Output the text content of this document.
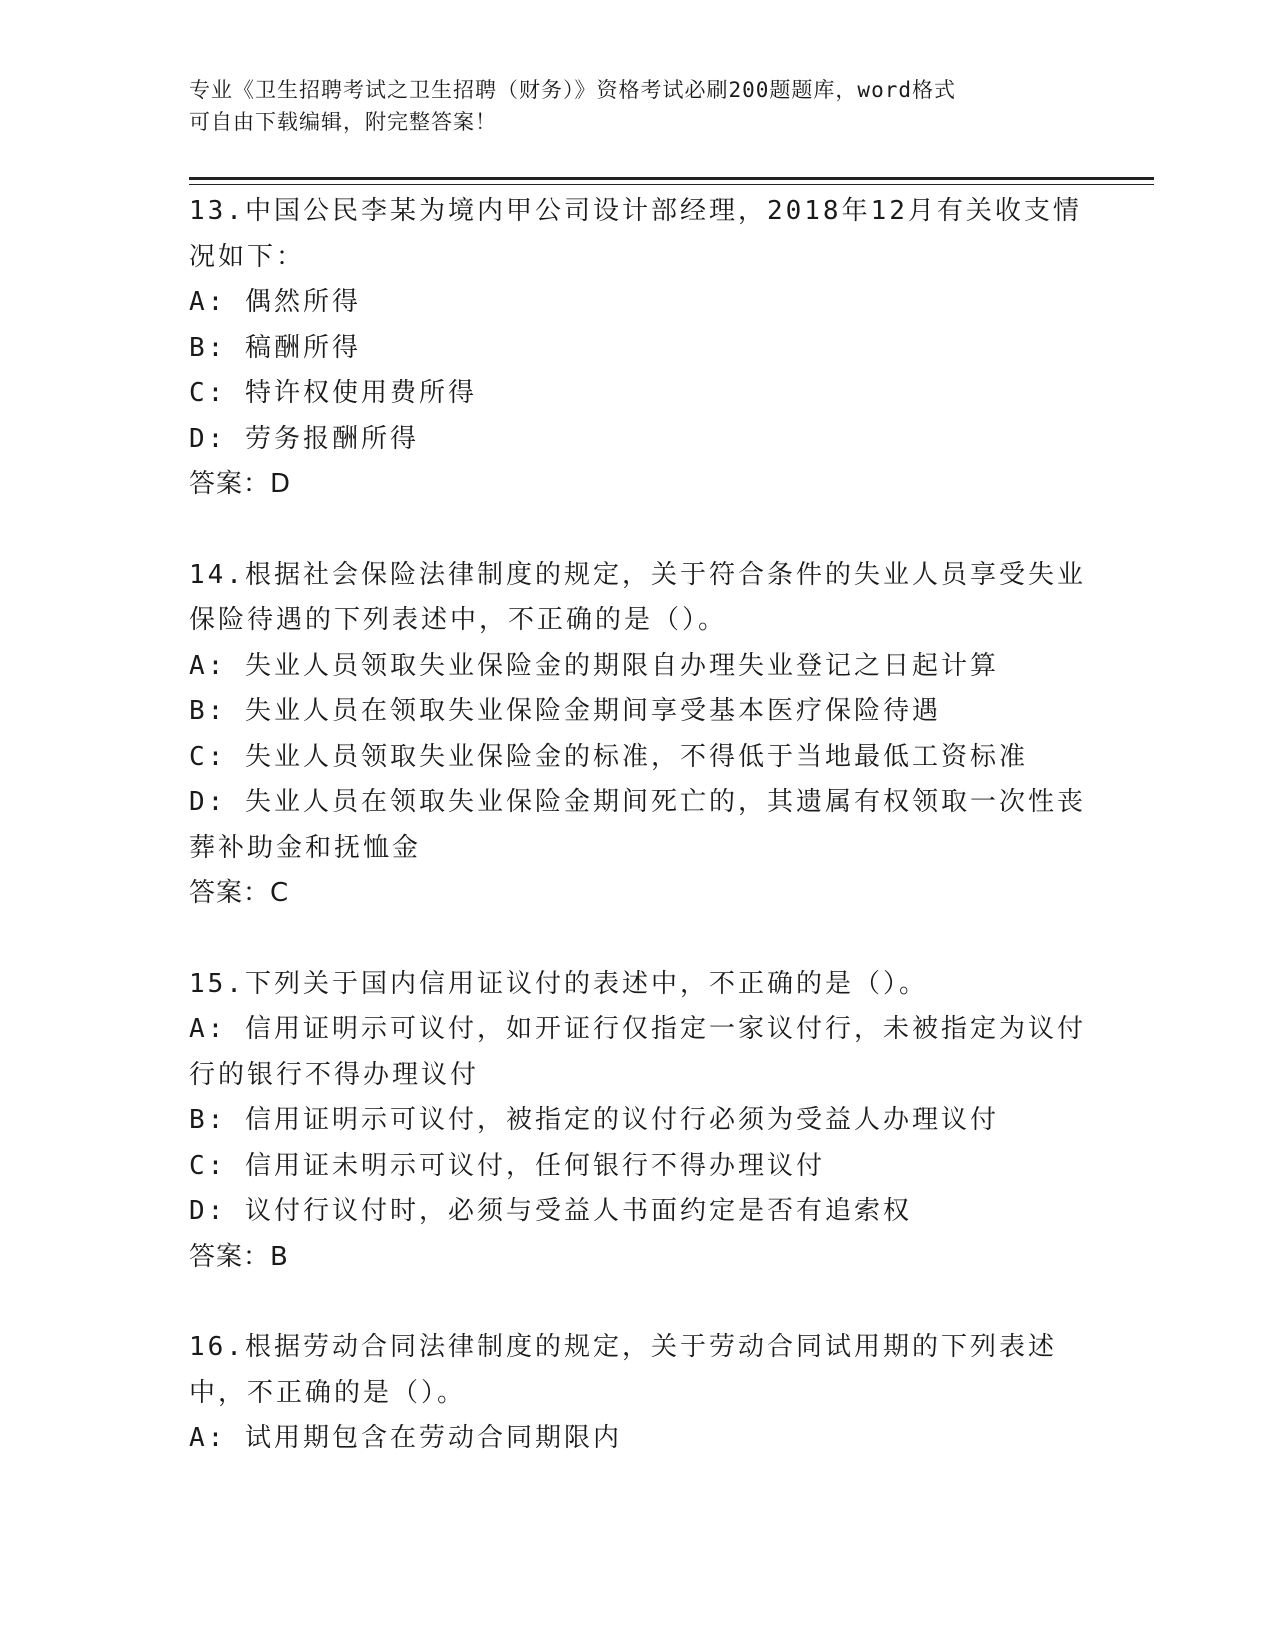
专业《卫生招聘考试之卫生招聘（财务）》资格考试必刷200题题库，word格式
可自由下载编辑，附完整答案！

13.中国公民李某为境内甲公司设计部经理，2018年12月有关收支情况如下：

A: 偶然所得

B: 稿酬所得

C: 特许权使用费所得

D: 劳务报酬所得

答案：D

14.根据社会保险法律制度的规定，关于符合条件的失业人员享受失业保险待遇的下列表述中，不正确的是（）。

A: 失业人员领取失业保险金的期限自办理失业登记之日起计算

B: 失业人员在领取失业保险金期间享受基本医疗保险待遇

C: 失业人员领取失业保险金的标准，不得低于当地最低工资标准

D: 失业人员在领取失业保险金期间死亡的，其遗属有权领取一次性丧葬补助金和抚恤金

答案：C

15.下列关于国内信用证议付的表述中，不正确的是（）。

A: 信用证明示可议付，如开证行仅指定一家议付行，未被指定为议付行的银行不得办理议付

B: 信用证明示可议付，被指定的议付行必须为受益人办理议付

C: 信用证未明示可议付，任何银行不得办理议付

D: 议付行议付时，必须与受益人书面约定是否有追索权

答案：B

16.根据劳动合同法律制度的规定，关于劳动合同试用期的下列表述中，不正确的是（）。

A: 试用期包含在劳动合同期限内
